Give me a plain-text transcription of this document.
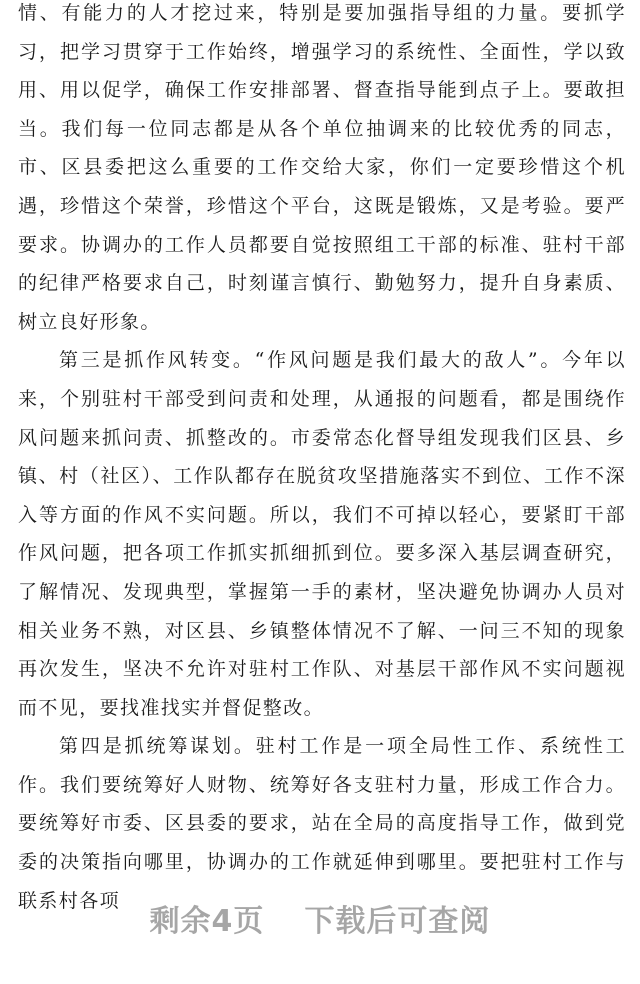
情、有能力的人才挖过来，特别是要加强指导组的力量。要抓学习，把学习贯穿于工作始终，增强学习的系统性、全面性，学以致用、用以促学，确保工作安排部署、督查指导能到点子上。要敢担当。我们每一位同志都是从各个单位抽调来的比较优秀的同志，市、区县委把这么重要的工作交给大家，你们一定要珍惜这个机遇，珍惜这个荣誉，珍惜这个平台，这既是锻炼，又是考验。要严要求。协调办的工作人员都要自觉按照组工干部的标准、驻村干部的纪律严格要求自己，时刻谨言慎行、勤勉努力，提升自身素质、树立良好形象。

第三是抓作风转变。“作风问题是我们最大的敌人”。今年以来，个别驻村干部受到问责和处理，从通报的问题看，都是围绕作风问题来抓问责、抓整改的。市委常态化督导组发现我们区县、乡镇、村（社区）、工作队都存在脱贫攻坚措施落实不到位、工作不深入等方面的作风不实问题。所以，我们不可掉以轻心，要紧盯干部作风问题，把各项工作抓实抓细抓到位。要多深入基层调查研究，了解情况、发现典型，掌握第一手的素材，坚决避免协调办人员对相关业务不熟，对区县、乡镇整体情况不了解、一问三不知的现象再次发生，坚决不允许对驻村工作队、对基层干部作风不实问题视而不见，要找准找实并督促整改。

第四是抓统筹谋划。驻村工作是一项全局性工作、系统性工作。我们要统筹好人财物、统筹好各支驻村力量，形成工作合力。要统筹好市委、区县委的要求，站在全局的高度指导工作，做到党委的决策指向哪里，协调办的工作就延伸到哪里。要把驻村工作与联系村各项

剩余4页 下载后可查阅
